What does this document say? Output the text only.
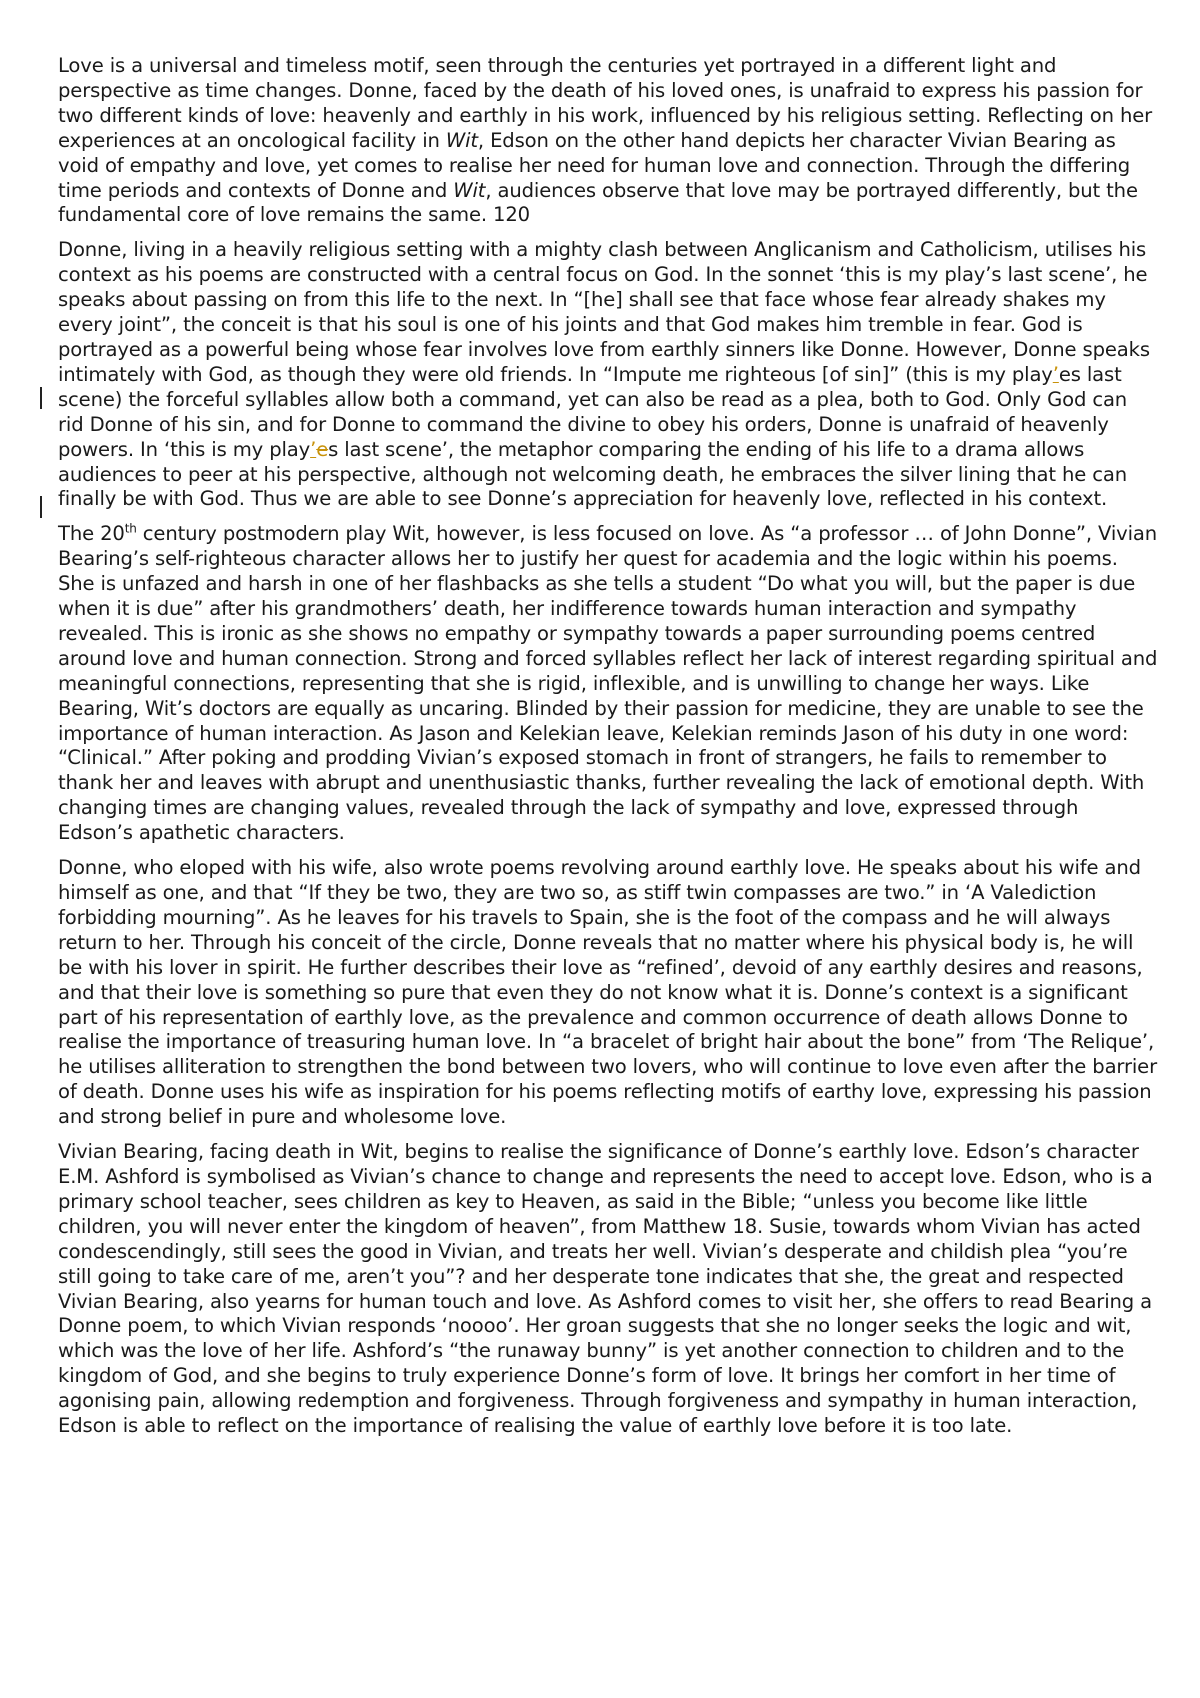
Love is a universal and timeless motif, seen through the centuries yet portrayed in a different light and perspective as time changes. Donne, faced by the death of his loved ones, is unafraid to express his passion for two different kinds of love: heavenly and earthly in his work, influenced by his religious setting. Reflecting on her experiences at an oncological facility in Wit, Edson on the other hand depicts her character Vivian Bearing as void of empathy and love, yet comes to realise her need for human love and connection. Through the differing time periods and contexts of Donne and Wit, audiences observe that love may be portrayed differently, but the fundamental core of love remains the same. 120

Donne, living in a heavily religious setting with a mighty clash between Anglicanism and Catholicism, utilises his context as his poems are constructed with a central focus on God. In the sonnet ‘this is my play’s last scene’, he speaks about passing on from this life to the next. In “[he] shall see that face whose fear already shakes my every joint”, the conceit is that his soul is one of his joints and that God makes him tremble in fear. God is portrayed as a powerful being whose fear involves love from earthly sinners like Donne. However, Donne speaks intimately with God, as though they were old friends. In “Impute me righteous [of sin]” (this is my play’es last scene) the forceful syllables allow both a command, yet can also be read as a plea, both to God. Only God can rid Donne of his sin, and for Donne to command the divine to obey his orders, Donne is unafraid of heavenly powers. In ‘this is my play’es last scene’, the metaphor comparing the ending of his life to a drama allows audiences to peer at his perspective, although not welcoming death, he embraces the silver lining that he can finally be with God. Thus we are able to see Donne’s appreciation for heavenly love, reflected in his context.

The 20th century postmodern play Wit, however, is less focused on love. As “a professor … of John Donne”, Vivian Bearing’s self-righteous character allows her to justify her quest for academia and the logic within his poems. She is unfazed and harsh in one of her flashbacks as she tells a student “Do what you will, but the paper is due when it is due” after his grandmothers’ death, her indifference towards human interaction and sympathy revealed. This is ironic as she shows no empathy or sympathy towards a paper surrounding poems centred around love and human connection. Strong and forced syllables reflect her lack of interest regarding spiritual and meaningful connections, representing that she is rigid, inflexible, and is unwilling to change her ways. Like Bearing, Wit’s doctors are equally as uncaring. Blinded by their passion for medicine, they are unable to see the importance of human interaction. As Jason and Kelekian leave, Kelekian reminds Jason of his duty in one word: “Clinical.” After poking and prodding Vivian’s exposed stomach in front of strangers, he fails to remember to thank her and leaves with abrupt and unenthusiastic thanks, further revealing the lack of emotional depth. With changing times are changing values, revealed through the lack of sympathy and love, expressed through Edson’s apathetic characters.

Donne, who eloped with his wife, also wrote poems revolving around earthly love. He speaks about his wife and himself as one, and that “If they be two, they are two so, as stiff twin compasses are two.” in ‘A Valediction forbidding mourning”. As he leaves for his travels to Spain, she is the foot of the compass and he will always return to her. Through his conceit of the circle, Donne reveals that no matter where his physical body is, he will be with his lover in spirit. He further describes their love as “refined’, devoid of any earthly desires and reasons, and that their love is something so pure that even they do not know what it is. Donne’s context is a significant part of his representation of earthly love, as the prevalence and common occurrence of death allows Donne to realise the importance of treasuring human love. In “a bracelet of bright hair about the bone” from ‘The Relique’, he utilises alliteration to strengthen the bond between two lovers, who will continue to love even after the barrier of death. Donne uses his wife as inspiration for his poems reflecting motifs of earthy love, expressing his passion and strong belief in pure and wholesome love.

Vivian Bearing, facing death in Wit, begins to realise the significance of Donne’s earthly love. Edson’s character E.M. Ashford is symbolised as Vivian’s chance to change and represents the need to accept love. Edson, who is a primary school teacher, sees children as key to Heaven, as said in the Bible; “unless you become like little children, you will never enter the kingdom of heaven”, from Matthew 18. Susie, towards whom Vivian has acted condescendingly, still sees the good in Vivian, and treats her well. Vivian’s desperate and childish plea “you’re still going to take care of me, aren’t you”? and her desperate tone indicates that she, the great and respected Vivian Bearing, also yearns for human touch and love. As Ashford comes to visit her, she offers to read Bearing a Donne poem, to which Vivian responds ‘noooo’. Her groan suggests that she no longer seeks the logic and wit, which was the love of her life. Ashford’s “the runaway bunny” is yet another connection to children and to the kingdom of God, and she begins to truly experience Donne’s form of love. It brings her comfort in her time of agonising pain, allowing redemption and forgiveness. Through forgiveness and sympathy in human interaction, Edson is able to reflect on the importance of realising the value of earthly love before it is too late.
